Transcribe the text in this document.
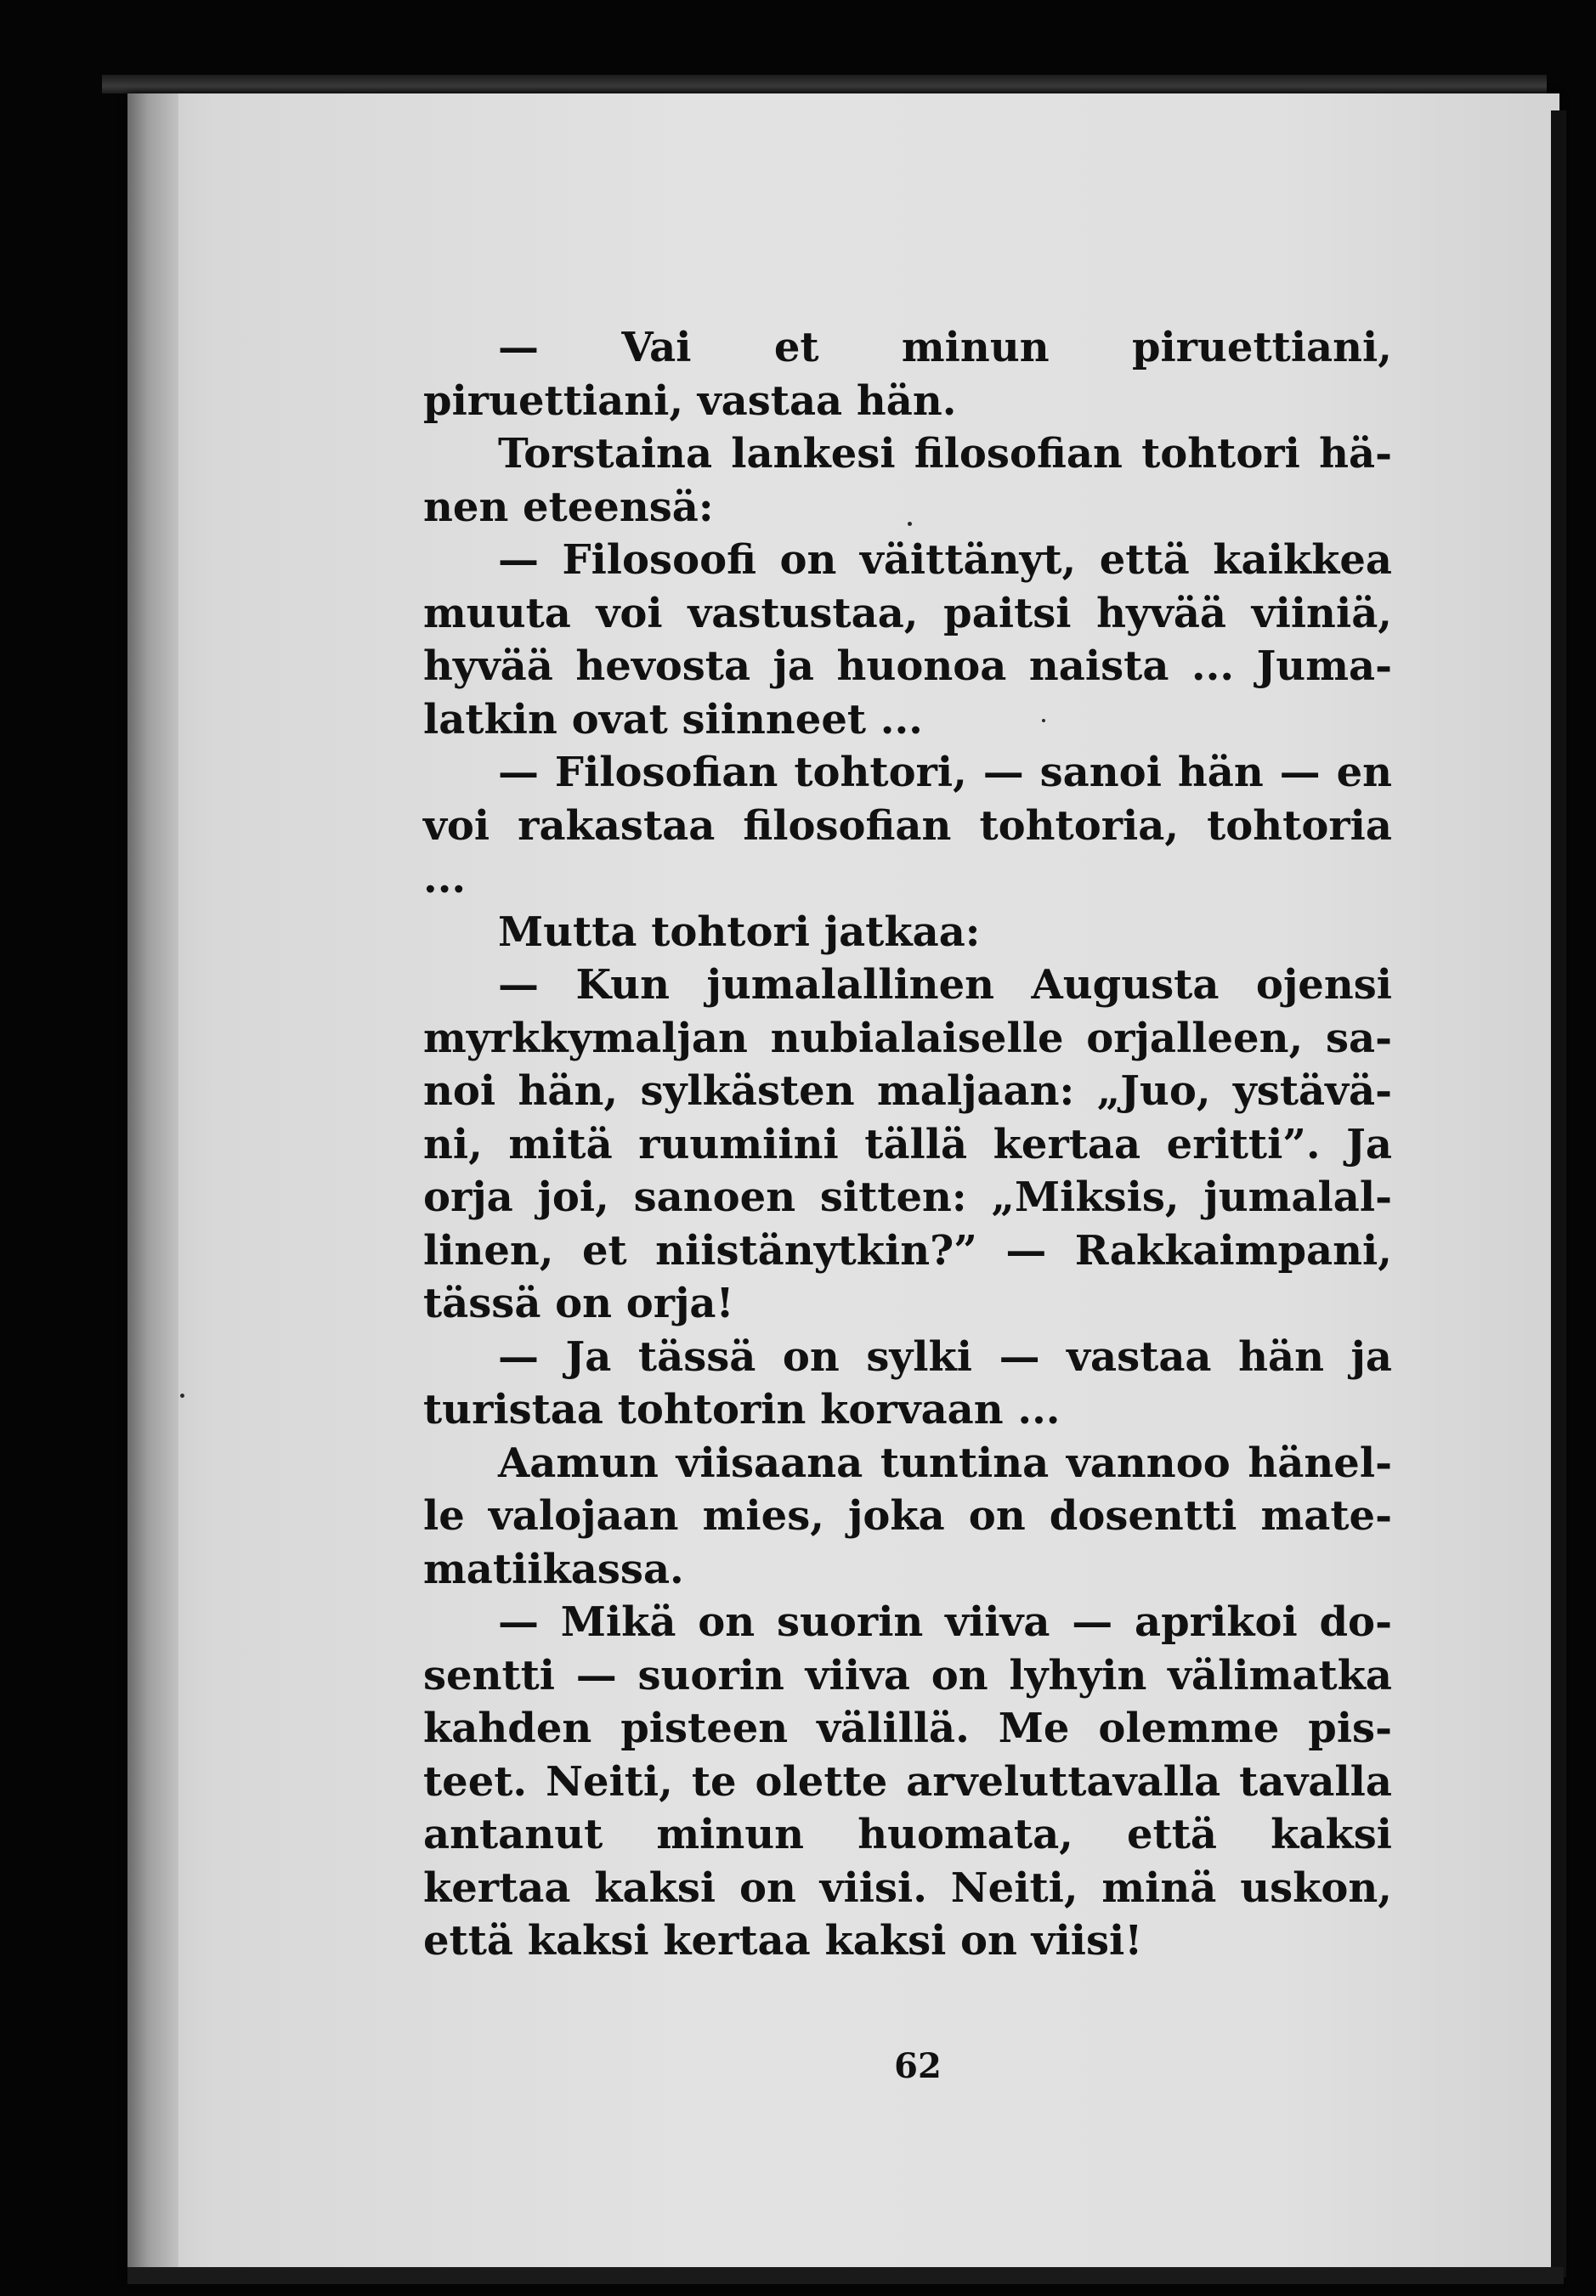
— Vai et minun piruettiani, piruettiani, vastaa hän.

Torstaina lankesi filosofian tohtori hänen eteensä:

— Filosoofi on väittänyt, että kaikkea muuta voi vastustaa, paitsi hyvää viiniä, hyvää hevosta ja huonoa naista ... Jumalatkin ovat siinneet ...

— Filosofian tohtori, — sanoi hän — en voi rakastaa filosofian tohtoria, tohtoria ...

Mutta tohtori jatkaa:

— Kun jumalallinen Augusta ojensi myrkkymaljan nubialaiselle orjalleen, sanoi hän, sylkästen maljaan: „Juo, ystäväni, mitä ruumiini tällä kertaa eritti”. Ja orja joi, sanoen sitten: „Miksis, jumalallinen, et niistänytkin?” — Rakkaimpani, tässä on orja!

— Ja tässä on sylki — vastaa hän ja turistaa tohtorin korvaan ...

Aamun viisaana tuntina vannoo hänelle valojaan mies, joka on dosentti matematiikassa.

— Mikä on suorin viiva — aprikoi dosentti — suorin viiva on lyhyin välimatka kahden pisteen välillä. Me olemme pisteet. Neiti, te olette arveluttavalla tavalla antanut minun huomata, että kaksi kertaa kaksi on viisi. Neiti, minä uskon, että kaksi kertaa kaksi on viisi!

62
